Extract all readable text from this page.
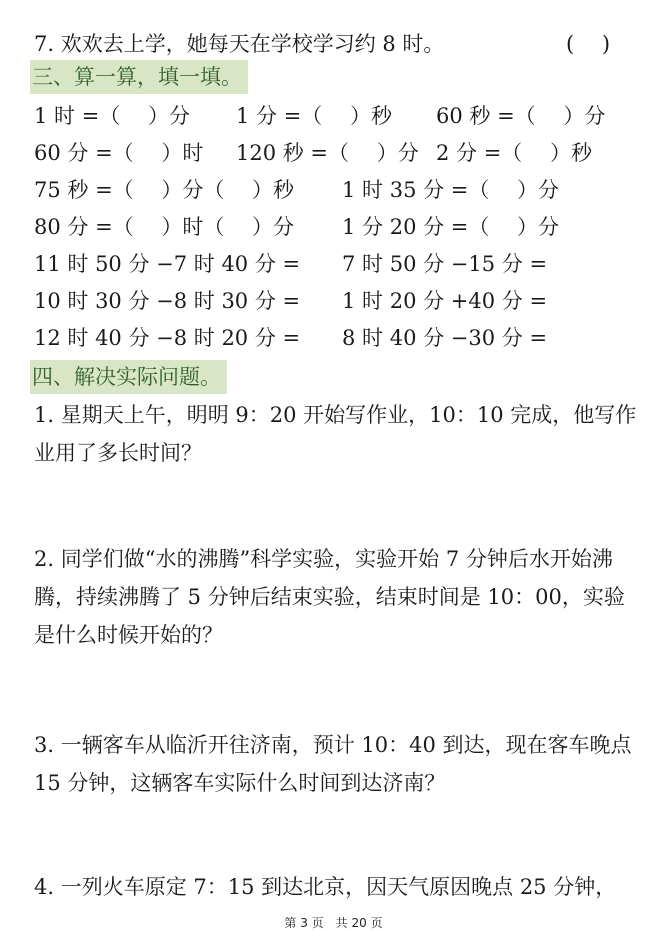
7. 欢欢去上学，她每天在学校学习约 8 时。	(　 )
三、算一算，填一填。
1 时 =（　 ）分 1 分 =（　 ）秒 60 秒 =（　 ）分
60 分 =（　 ）时 120 秒 =（　 ）分 2 分 =（　 ）秒
75 秒 =（　 ）分（　 ）秒 1 时 35 分 =（　 ）分
80 分 =（　 ）时（　 ）分 1 分 20 分 =（　 ）分
11 时 50 分 −7 时 40 分 = 7 时 50 分 −15 分 =
10 时 30 分 −8 时 30 分 = 1 时 20 分 +40 分 =
12 时 40 分 −8 时 20 分 = 8 时 40 分 −30 分 =
四、解决实际问题。
1. 星期天上午，明明 9：20 开始写作业，10：10 完成，他写作业用了多长时间？
2. 同学们做“水的沸腾”科学实验，实验开始 7 分钟后水开始沸腾，持续沸腾了 5 分钟后结束实验，结束时间是 10：00，实验是什么时候开始的？
3. 一辆客车从临沂开往济南，预计 10：40 到达，现在客车晚点 15 分钟，这辆客车实际什么时间到达济南？
4. 一列火车原定 7：15 到达北京，因天气原因晚点 25 分钟，
第 3 页　共 20 页
